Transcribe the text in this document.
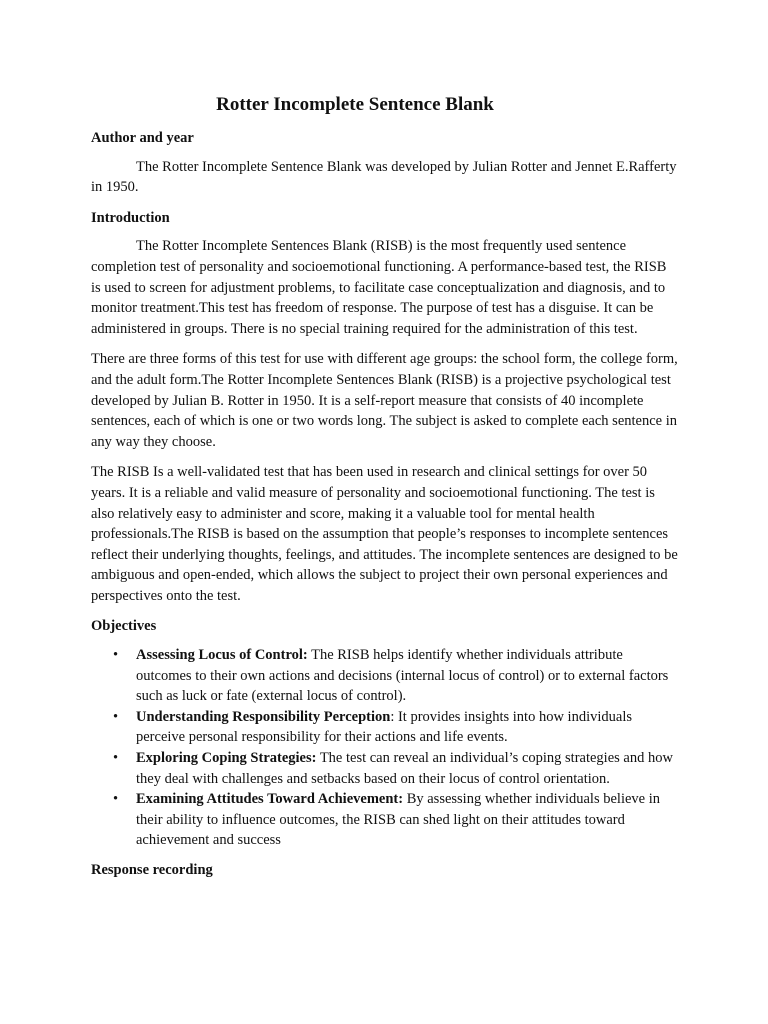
Rotter Incomplete Sentence Blank
Author and year

The Rotter Incomplete Sentence Blank was developed by Julian Rotter and Jennet E.Rafferty in 1950.

Introduction

The Rotter Incomplete Sentences Blank (RISB) is the most frequently used sentence completion test of personality and socioemotional functioning. A performance-based test, the RISB is used to screen for adjustment problems, to facilitate case conceptualization and diagnosis, and to monitor treatment.This test has freedom of response. The purpose of test has a disguise. It can be administered in groups. There is no special training required for the administration of this test.

There are three forms of this test for use with different age groups: the school form, the college form, and the adult form.The Rotter Incomplete Sentences Blank (RISB) is a projective psychological test developed by Julian B. Rotter in 1950. It is a self-report measure that consists of 40 incomplete sentences, each of which is one or two words long. The subject is asked to complete each sentence in any way they choose.

The RISB Is a well-validated test that has been used in research and clinical settings for over 50 years. It is a reliable and valid measure of personality and socioemotional functioning. The test is also relatively easy to administer and score, making it a valuable tool for mental health professionals.The RISB is based on the assumption that people’s responses to incomplete sentences reflect their underlying thoughts, feelings, and attitudes. The incomplete sentences are designed to be ambiguous and open-ended, which allows the subject to project their own personal experiences and perspectives onto the test.

Objectives
• Assessing Locus of Control: The RISB helps identify whether individuals attribute outcomes to their own actions and decisions (internal locus of control) or to external factors such as luck or fate (external locus of control).
• Understanding Responsibility Perception: It provides insights into how individuals perceive personal responsibility for their actions and life events.
• Exploring Coping Strategies: The test can reveal an individual’s coping strategies and how they deal with challenges and setbacks based on their locus of control orientation.
• Examining Attitudes Toward Achievement: By assessing whether individuals believe in their ability to influence outcomes, the RISB can shed light on their attitudes toward achievement and success
Response recording
